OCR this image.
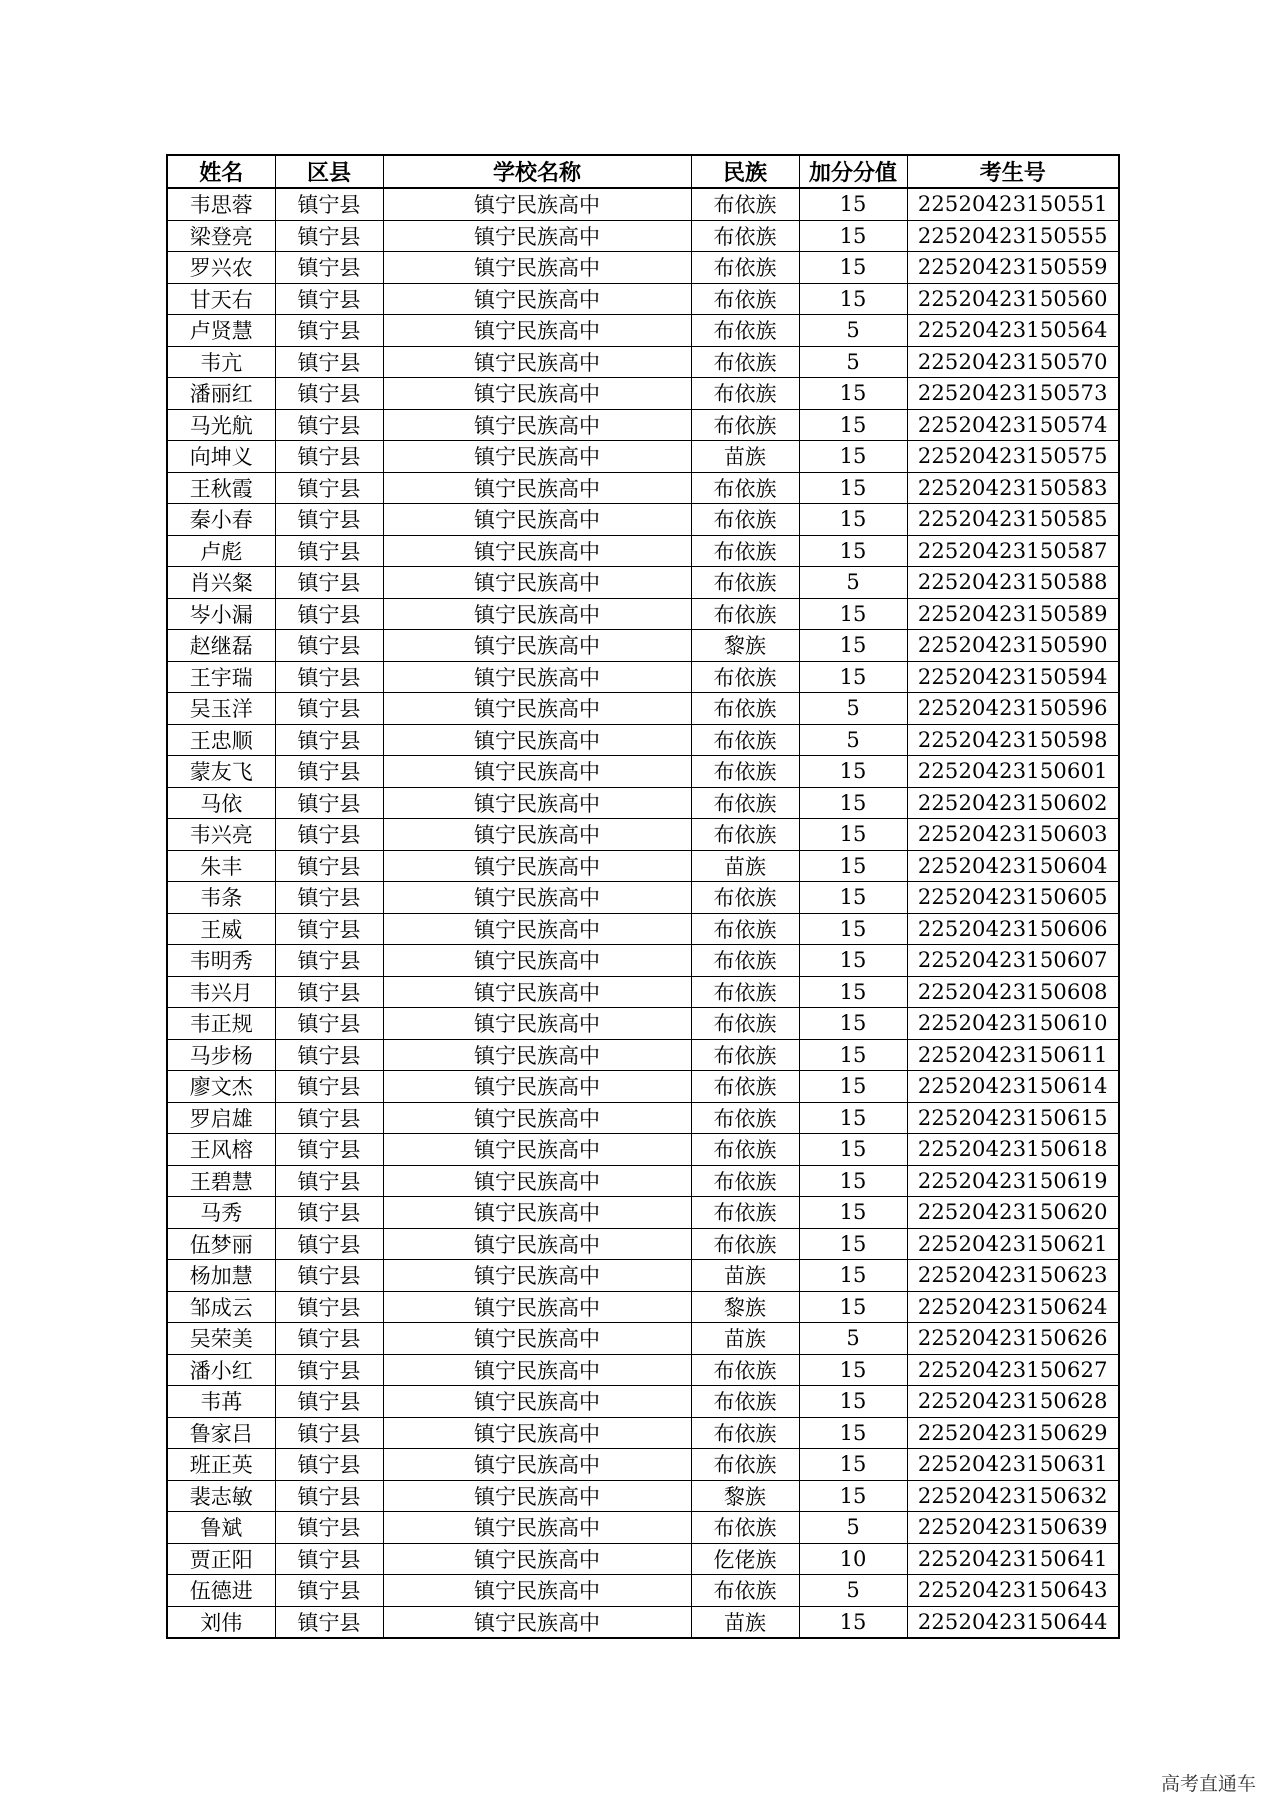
姓名	区县	学校名称	民族	加分分值	考生号
韦思蓉	镇宁县	镇宁民族高中	布依族	15	22520423150551
梁登亮	镇宁县	镇宁民族高中	布依族	15	22520423150555
罗兴农	镇宁县	镇宁民族高中	布依族	15	22520423150559
甘天右	镇宁县	镇宁民族高中	布依族	15	22520423150560
卢贤慧	镇宁县	镇宁民族高中	布依族	5	22520423150564
韦亢	镇宁县	镇宁民族高中	布依族	5	22520423150570
潘丽红	镇宁县	镇宁民族高中	布依族	15	22520423150573
马光航	镇宁县	镇宁民族高中	布依族	15	22520423150574
向坤义	镇宁县	镇宁民族高中	苗族	15	22520423150575
王秋霞	镇宁县	镇宁民族高中	布依族	15	22520423150583
秦小春	镇宁县	镇宁民族高中	布依族	15	22520423150585
卢彪	镇宁县	镇宁民族高中	布依族	15	22520423150587
肖兴粲	镇宁县	镇宁民族高中	布依族	5	22520423150588
岑小漏	镇宁县	镇宁民族高中	布依族	15	22520423150589
赵继磊	镇宁县	镇宁民族高中	黎族	15	22520423150590
王宇瑞	镇宁县	镇宁民族高中	布依族	15	22520423150594
吴玉洋	镇宁县	镇宁民族高中	布依族	5	22520423150596
王忠顺	镇宁县	镇宁民族高中	布依族	5	22520423150598
蒙友飞	镇宁县	镇宁民族高中	布依族	15	22520423150601
马依	镇宁县	镇宁民族高中	布依族	15	22520423150602
韦兴亮	镇宁县	镇宁民族高中	布依族	15	22520423150603
朱丰	镇宁县	镇宁民族高中	苗族	15	22520423150604
韦条	镇宁县	镇宁民族高中	布依族	15	22520423150605
王威	镇宁县	镇宁民族高中	布依族	15	22520423150606
韦明秀	镇宁县	镇宁民族高中	布依族	15	22520423150607
韦兴月	镇宁县	镇宁民族高中	布依族	15	22520423150608
韦正规	镇宁县	镇宁民族高中	布依族	15	22520423150610
马步杨	镇宁县	镇宁民族高中	布依族	15	22520423150611
廖文杰	镇宁县	镇宁民族高中	布依族	15	22520423150614
罗启雄	镇宁县	镇宁民族高中	布依族	15	22520423150615
王风榕	镇宁县	镇宁民族高中	布依族	15	22520423150618
王碧慧	镇宁县	镇宁民族高中	布依族	15	22520423150619
马秀	镇宁县	镇宁民族高中	布依族	15	22520423150620
伍梦丽	镇宁县	镇宁民族高中	布依族	15	22520423150621
杨加慧	镇宁县	镇宁民族高中	苗族	15	22520423150623
邹成云	镇宁县	镇宁民族高中	黎族	15	22520423150624
吴荣美	镇宁县	镇宁民族高中	苗族	5	22520423150626
潘小红	镇宁县	镇宁民族高中	布依族	15	22520423150627
韦苒	镇宁县	镇宁民族高中	布依族	15	22520423150628
鲁家吕	镇宁县	镇宁民族高中	布依族	15	22520423150629
班正英	镇宁县	镇宁民族高中	布依族	15	22520423150631
裴志敏	镇宁县	镇宁民族高中	黎族	15	22520423150632
鲁斌	镇宁县	镇宁民族高中	布依族	5	22520423150639
贾正阳	镇宁县	镇宁民族高中	仡佬族	10	22520423150641
伍德进	镇宁县	镇宁民族高中	布依族	5	22520423150643
刘伟	镇宁县	镇宁民族高中	苗族	15	22520423150644
高考直通车
